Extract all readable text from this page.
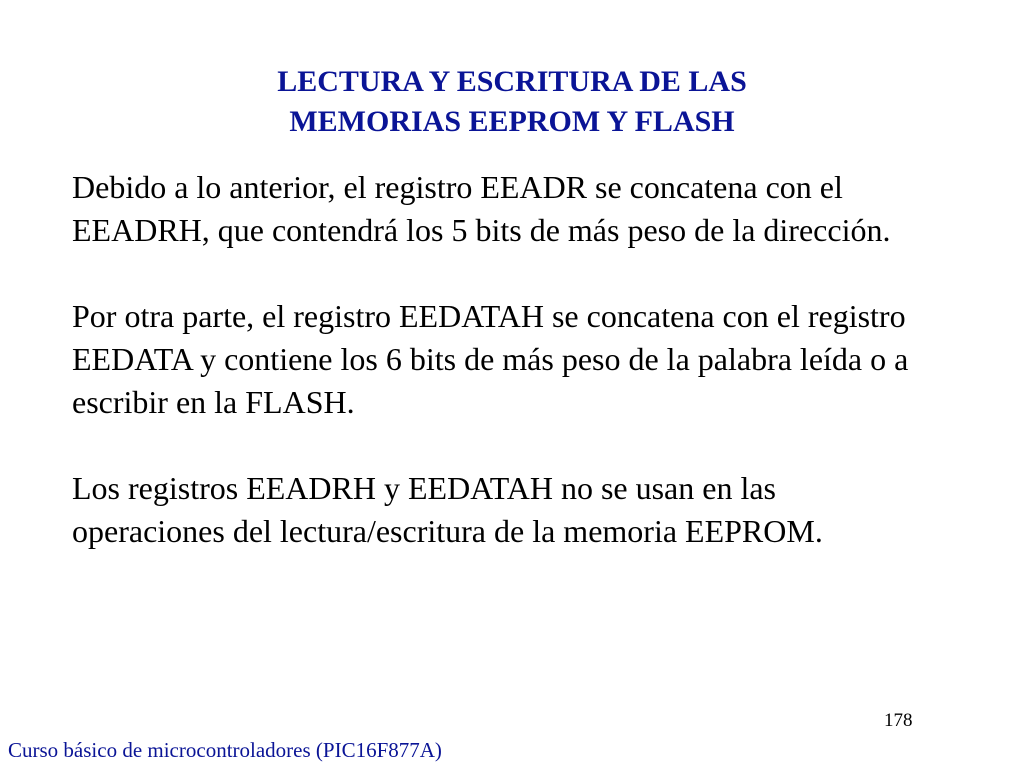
LECTURA Y ESCRITURA DE LAS
MEMORIAS EEPROM Y FLASH

Debido a lo anterior, el registro EEADR se concatena con el
EEADRH, que contendrá los 5 bits de más peso de la dirección.

Por otra parte, el registro EEDATAH se concatena con el registro
EEDATA y contiene los 6 bits de más peso de la palabra leída o a
escribir en la FLASH.

Los registros EEADRH y EEDATAH no se usan en las
operaciones del lectura/escritura de la memoria EEPROM.

178
Curso básico de microcontroladores (PIC16F877A)
